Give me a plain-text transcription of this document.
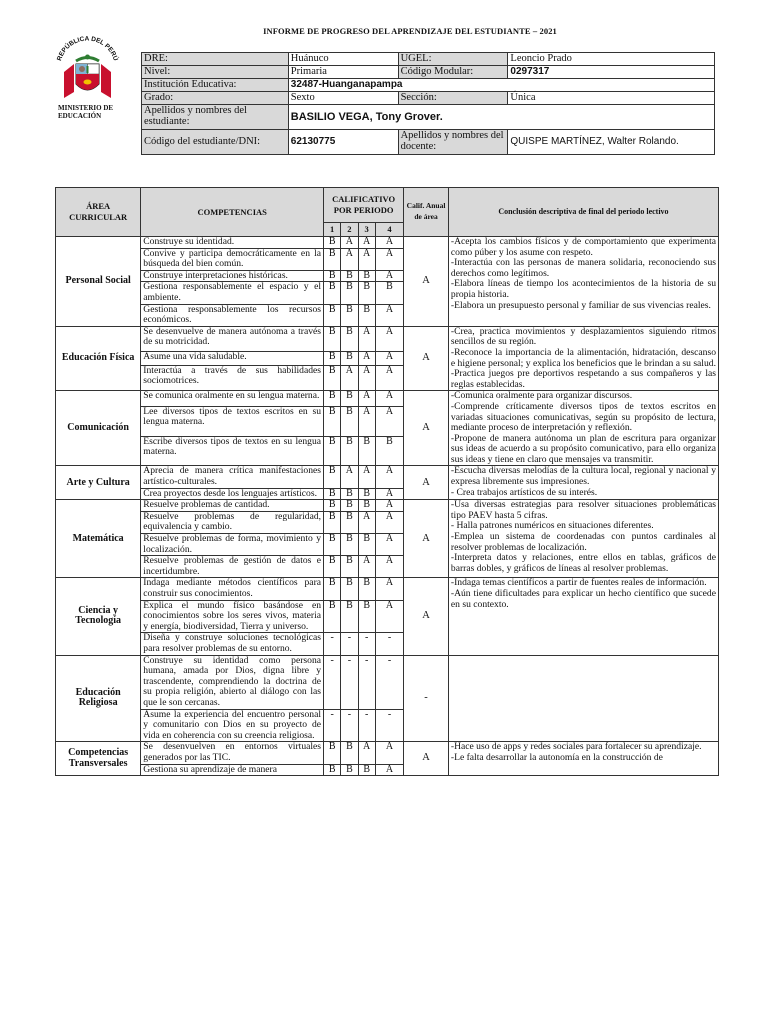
REPÚBLICA DEL PERÚ
MINISTERIO DE
EDUCACIÓN
INFORME DE PROGRESO DEL APRENDIZAJE DEL ESTUDIANTE – 2021
DRE:	Huánuco	UGEL:	Leoncio Prado
Nivel:	Primaria	Código Modular:	0297317
Institución Educativa:	32487-Huanganapampa		
Grado:	Sexto	Sección:	Única
Apellidos y nombres del estudiante:	BASILIO VEGA, Tony Grover.		
Código del estudiante/DNI:	62130775	Apellidos y nombres del docente:	QUISPE MARTÍNEZ, Walter Rolando.
ÁREA CURRICULAR	COMPETENCIAS	CALIFICATIVO POR PERIODO				Calif. Anual de área	Conclusión descriptiva de final del periodo lectivo
		1	2	3	4		
Personal Social	Construye su identidad.	B	A	A	A	A	-Acepta los cambios físicos y de comportamiento que experimenta como púber y los asume con respeto.
-Interactúa con las personas de manera solidaria, reconociendo sus derechos como legítimos.
-Elabora líneas de tiempo los acontecimientos de la historia de su propia historia.
-Elabora un presupuesto personal y familiar de sus vivencias reales.

	Convive y participa democráticamente en la búsqueda del bien común.	B	A	A	A		
	Construye interpretaciones históricas.	B	B	B	A		
	Gestiona responsablemente el espacio y el ambiente.	B	B	B	B		
	Gestiona responsablemente los recursos económicos.	B	B	B	A		
Educación Física	Se desenvuelve de manera autónoma a través de su motricidad.	B	B	A	A	A	-Crea, practica movimientos y desplazamientos siguiendo ritmos sencillos de su región.
-Reconoce la importancia de la alimentación, hidratación, descanso e higiene personal; y explica los beneficios que le brindan a su salud.
-Practica juegos pre deportivos respetando a sus compañeros y las reglas establecidas.

	Asume una vida saludable.	B	B	A	A		
	Interactúa a través de sus habilidades sociomotrices.	B	A	A	A		
Comunicación	Se comunica oralmente en su lengua materna.	B	B	A	A	A	-Comunica oralmente para organizar discursos.
-Comprende críticamente diversos tipos de textos escritos en variadas situaciones comunicativas, según su propósito de lectura, mediante proceso de interpretación y reflexión.
-Propone de manera autónoma un plan de escritura para organizar sus ideas de acuerdo a su propósito comunicativo, para ello organiza sus ideas y tiene en claro que mensajes va transmitir.

	Lee diversos tipos de textos escritos en su lengua materna.	B	B	A	A		
	Escribe diversos tipos de textos en su lengua materna.	B	B	B	B		
Arte y Cultura	Aprecia de manera crítica manifestaciones artístico-culturales.	B	A	A	A	A	-Escucha diversas melodías de la cultura local, regional y nacional y expresa libremente sus impresiones.
- Crea trabajos artísticos de su interés.

	Crea proyectos desde los lenguajes artísticos.	B	B	B	A		
Matemática	Resuelve problemas de cantidad.	B	B	B	A	A	-Usa diversas estrategias para resolver situaciones problemáticas tipo PAEV hasta 5 cifras.
- Halla patrones numéricos en situaciones diferentes.
-Emplea un sistema de coordenadas con puntos cardinales al resolver problemas de localización.
-Interpreta datos y relaciones, entre ellos en tablas, gráficos de barras dobles, y gráficos de líneas al resolver problemas.

	Resuelve problemas de regularidad, equivalencia y cambio.	B	B	A	A		
	Resuelve problemas de forma, movimiento y localización.	B	B	B	A		
	Resuelve problemas de gestión de datos e incertidumbre.	B	B	A	A		
Ciencia y Tecnología	Indaga mediante métodos científicos para construir sus conocimientos.	B	B	B	A	A	-Indaga temas científicos a partir de fuentes reales de información.
-Aún tiene dificultades para explicar un hecho científico que sucede en su contexto.

	Explica el mundo físico basándose en conocimientos sobre los seres vivos, materia y energía, biodiversidad, Tierra y universo.	B	B	B	A		
	Diseña y construye soluciones tecnológicas para resolver problemas de su entorno.	-	-	-	-		
Educación Religiosa	Construye su identidad como persona humana, amada por Dios, digna libre y trascendente, comprendiendo la doctrina de su propia religión, abierto al diálogo con las que le son cercanas.	-	-	-	-	-	
	Asume la experiencia del encuentro personal y comunitario con Dios en su proyecto de vida en coherencia con su creencia religiosa.	-	-	-	-		
Competencias Transversales	Se desenvuelven en entornos virtuales generados por las TIC.	B	B	A	A	A	-Hace uso de apps y redes sociales para fortalecer su aprendizaje.
-Le falta desarrollar la autonomía en la construcción de

	Gestiona su aprendizaje de manera	B	B	B	A		
